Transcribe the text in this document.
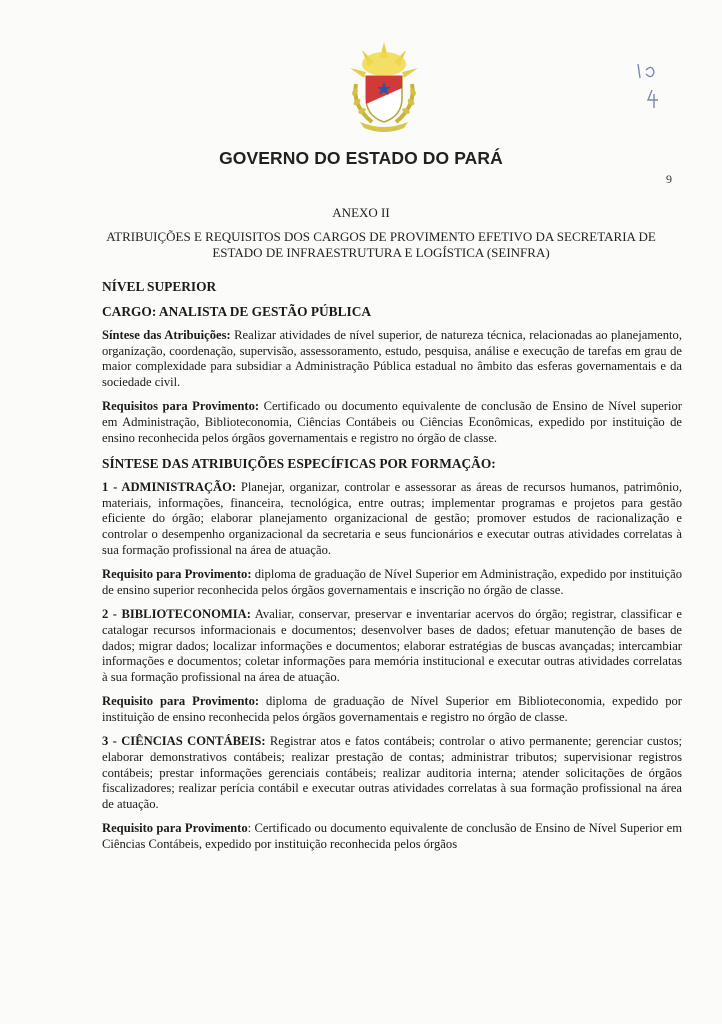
GOVERNO DO ESTADO DO PARÁ
9
ANEXO II
ATRIBUIÇÕES E REQUISITOS DOS CARGOS DE PROVIMENTO EFETIVO DA SECRETARIA DE ESTADO DE INFRAESTRUTURA E LOGÍSTICA (SEINFRA)
NÍVEL SUPERIOR
CARGO: ANALISTA DE GESTÃO PÚBLICA
Síntese das Atribuições: Realizar atividades de nível superior, de natureza técnica, relacionadas ao planejamento, organização, coordenação, supervisão, assessoramento, estudo, pesquisa, análise e execução de tarefas em grau de maior complexidade para subsidiar a Administração Pública estadual no âmbito das esferas governamentais e da sociedade civil.
Requisitos para Provimento: Certificado ou documento equivalente de conclusão de Ensino de Nível superior em Administração, Biblioteconomia, Ciências Contábeis ou Ciências Econômicas, expedido por instituição de ensino reconhecida pelos órgãos governamentais e registro no órgão de classe.
SÍNTESE DAS ATRIBUIÇÕES ESPECÍFICAS POR FORMAÇÃO:
1 - ADMINISTRAÇÃO: Planejar, organizar, controlar e assessorar as áreas de recursos humanos, patrimônio, materiais, informações, financeira, tecnológica, entre outras; implementar programas e projetos para gestão eficiente do órgão; elaborar planejamento organizacional de gestão; promover estudos de racionalização e controlar o desempenho organizacional da secretaria e seus funcionários e executar outras atividades correlatas à sua formação profissional na área de atuação.
Requisito para Provimento: diploma de graduação de Nível Superior em Administração, expedido por instituição de ensino superior reconhecida pelos órgãos governamentais e inscrição no órgão de classe.
2 - BIBLIOTECONOMIA: Avaliar, conservar, preservar e inventariar acervos do órgão; registrar, classificar e catalogar recursos informacionais e documentos; desenvolver bases de dados; efetuar manutenção de bases de dados; migrar dados; localizar informações e documentos; elaborar estratégias de buscas avançadas; intercambiar informações e documentos; coletar informações para memória institucional e executar outras atividades correlatas à sua formação profissional na área de atuação.
Requisito para Provimento: diploma de graduação de Nível Superior em Biblioteconomia, expedido por instituição de ensino reconhecida pelos órgãos governamentais e registro no órgão de classe.
3 - CIÊNCIAS CONTÁBEIS: Registrar atos e fatos contábeis; controlar o ativo permanente; gerenciar custos; elaborar demonstrativos contábeis; realizar prestação de contas; administrar tributos; supervisionar registros contábeis; prestar informações gerenciais contábeis; realizar auditoria interna; atender solicitações de órgãos fiscalizadores; realizar perícia contábil e executar outras atividades correlatas à sua formação profissional na área de atuação.
Requisito para Provimento: Certificado ou documento equivalente de conclusão de Ensino de Nível Superior em Ciências Contábeis, expedido por instituição reconhecida pelos órgãos
